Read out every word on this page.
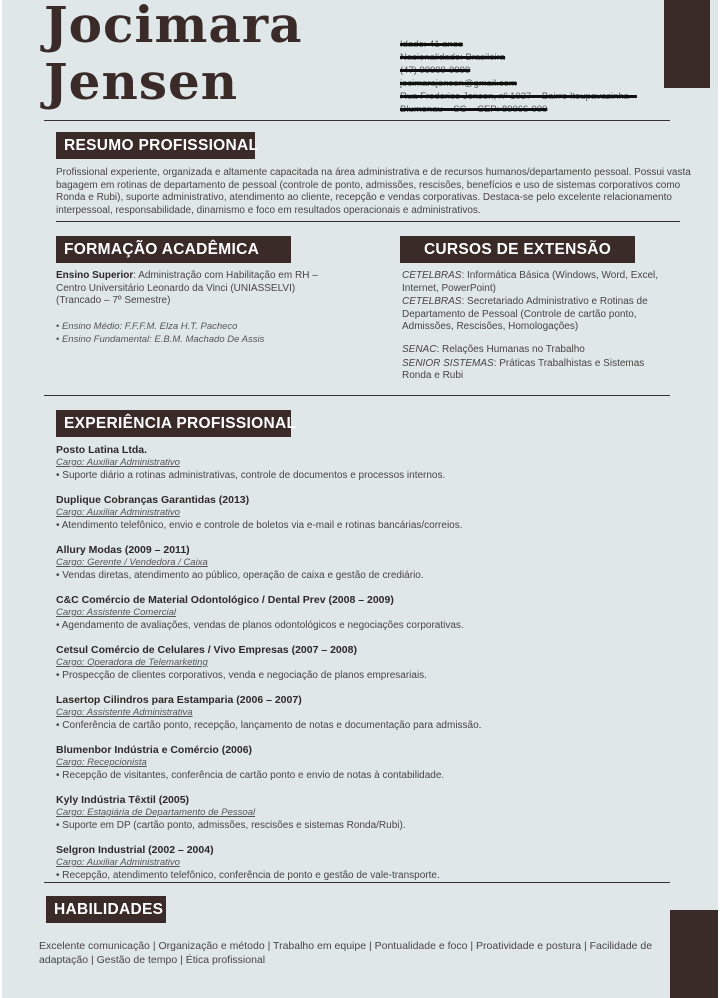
Jocimara
Jensen
Idade: 41 anos
Nacionalidade: Brasileira
(47) 99999-9999
jocimarajensen@gmail.com
Rua Frederico Jensen, nº 1037 – Bairro Itoupavazinha –
Blumenau – SC – CEP: 89066-000
RESUMO PROFISSIONAL
Profissional experiente, organizada e altamente capacitada na área administrativa e de recursos humanos/departamento pessoal. Possui vasta bagagem em rotinas de departamento de pessoal (controle de ponto, admissões, rescisões, benefícios e uso de sistemas corporativos como Ronda e Rubi), suporte administrativo, atendimento ao cliente, recepção e vendas corporativas. Destaca-se pelo excelente relacionamento interpessoal, responsabilidade, dinamismo e foco em resultados operacionais e administrativos.
FORMAÇÃO ACADÊMICA
Ensino Superior: Administração com Habilitação em RH – Centro Universitário Leonardo da Vinci (UNIASSELVI) (Trancado – 7º Semestre)
• Ensino Médio: F.F.F.M. Elza H.T. Pacheco
• Ensino Fundamental: E.B.M. Machado De Assis
CURSOS DE EXTENSÃO
CETELBRAS: Informática Básica (Windows, Word, Excel, Internet, PowerPoint)
CETELBRAS: Secretariado Administrativo e Rotinas de Departamento de Pessoal (Controle de cartão ponto, Admissões, Rescisões, Homologações)
SENAC: Relações Humanas no Trabalho
SENIOR SISTEMAS: Práticas Trabalhistas e Sistemas Ronda e Rubi
EXPERIÊNCIA PROFISSIONAL
Posto Latina Ltda.
Cargo: Auxiliar Administrativo
• Suporte diário a rotinas administrativas, controle de documentos e processos internos.
Duplique Cobranças Garantidas (2013)
Cargo: Auxiliar Administrativo
• Atendimento telefônico, envio e controle de boletos via e-mail e rotinas bancárias/correios.
Allury Modas (2009 – 2011)
Cargo: Gerente / Vendedora / Caixa
• Vendas diretas, atendimento ao público, operação de caixa e gestão de crediário.
C&C Comércio de Material Odontológico / Dental Prev (2008 – 2009)
Cargo: Assistente Comercial
• Agendamento de avaliações, vendas de planos odontológicos e negociações corporativas.
Cetsul Comércio de Celulares / Vivo Empresas (2007 – 2008)
Cargo: Operadora de Telemarketing
• Prospecção de clientes corporativos, venda e negociação de planos empresariais.
Lasertop Cilindros para Estamparia (2006 – 2007)
Cargo: Assistente Administrativa
• Conferência de cartão ponto, recepção, lançamento de notas e documentação para admissão.
Blumenbor Indústria e Comércio (2006)
Cargo: Recepcionista
• Recepção de visitantes, conferência de cartão ponto e envio de notas à contabilidade.
Kyly Indústria Têxtil (2005)
Cargo: Estagiária de Departamento de Pessoal
• Suporte em DP (cartão ponto, admissões, rescisões e sistemas Ronda/Rubi).
Selgron Industrial (2002 – 2004)
Cargo: Auxiliar Administrativo
• Recepção, atendimento telefônico, conferência de ponto e gestão de vale-transporte.
HABILIDADES
Excelente comunicação | Organização e método | Trabalho em equipe | Pontualidade e foco | Proatividade e postura | Facilidade de adaptação | Gestão de tempo | Ética profissional
